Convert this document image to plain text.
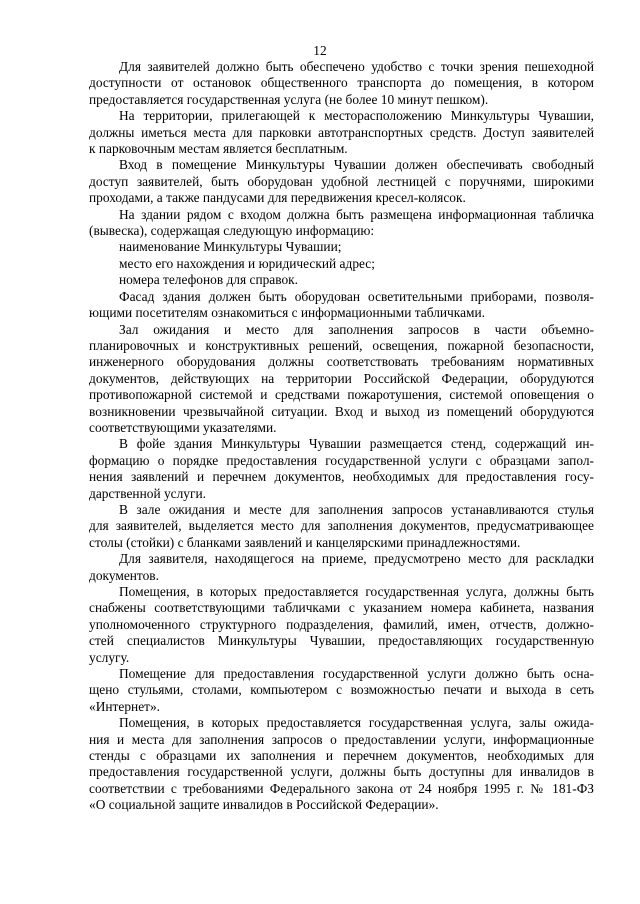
12
Для заявителей должно быть обеспечено удобство с точки зрения пешеходной
доступности от остановок общественного транспорта до помещения, в котором
предоставляется государственная услуга (не более 10 минут пешком).
На территории, прилегающей к месторасположению Минкультуры Чувашии,
должны иметься места для парковки автотранспортных средств. Доступ заявителей
к парковочным местам является бесплатным.
Вход в помещение Минкультуры Чувашии должен обеспечивать свободный
доступ заявителей, быть оборудован удобной лестницей с поручнями, широкими
проходами, а также пандусами для передвижения кресел-колясок.
На здании рядом с входом должна быть размещена информационная табличка
(вывеска), содержащая следующую информацию:
наименование Минкультуры Чувашии;
место его нахождения и юридический адрес;
номера телефонов для справок.
Фасад здания должен быть оборудован осветительными приборами, позволя-
ющими посетителям ознакомиться с информационными табличками.
Зал ожидания и место для заполнения запросов в части объемно-
планировочных и конструктивных решений, освещения, пожарной безопасности,
инженерного оборудования должны соответствовать требованиям нормативных
документов, действующих на территории Российской Федерации, оборудуются
противопожарной системой и средствами пожаротушения, системой оповещения о
возникновении чрезвычайной ситуации. Вход и выход из помещений оборудуются
соответствующими указателями.
В фойе здания Минкультуры Чувашии размещается стенд, содержащий ин-
формацию о порядке предоставления государственной услуги с образцами запол-
нения заявлений и перечнем документов, необходимых для предоставления госу-
дарственной услуги.
В зале ожидания и месте для заполнения запросов устанавливаются стулья
для заявителей, выделяется место для заполнения документов, предусматривающее
столы (стойки) с бланками заявлений и канцелярскими принадлежностями.
Для заявителя, находящегося на приеме, предусмотрено место для раскладки
документов.
Помещения, в которых предоставляется государственная услуга, должны быть
снабжены соответствующими табличками с указанием номера кабинета, названия
уполномоченного структурного подразделения, фамилий, имен, отчеств, должно-
стей специалистов Минкультуры Чувашии, предоставляющих государственную
услугу.
Помещение для предоставления государственной услуги должно быть осна-
щено стульями, столами, компьютером с возможностью печати и выхода в сеть
«Интернет».
Помещения, в которых предоставляется государственная услуга, залы ожида-
ния и места для заполнения запросов о предоставлении услуги, информационные
стенды с образцами их заполнения и перечнем документов, необходимых для
предоставления государственной услуги, должны быть доступны для инвалидов в
соответствии с требованиями Федерального закона от 24 ноября 1995 г. № 181-ФЗ
«О социальной защите инвалидов в Российской Федерации».
